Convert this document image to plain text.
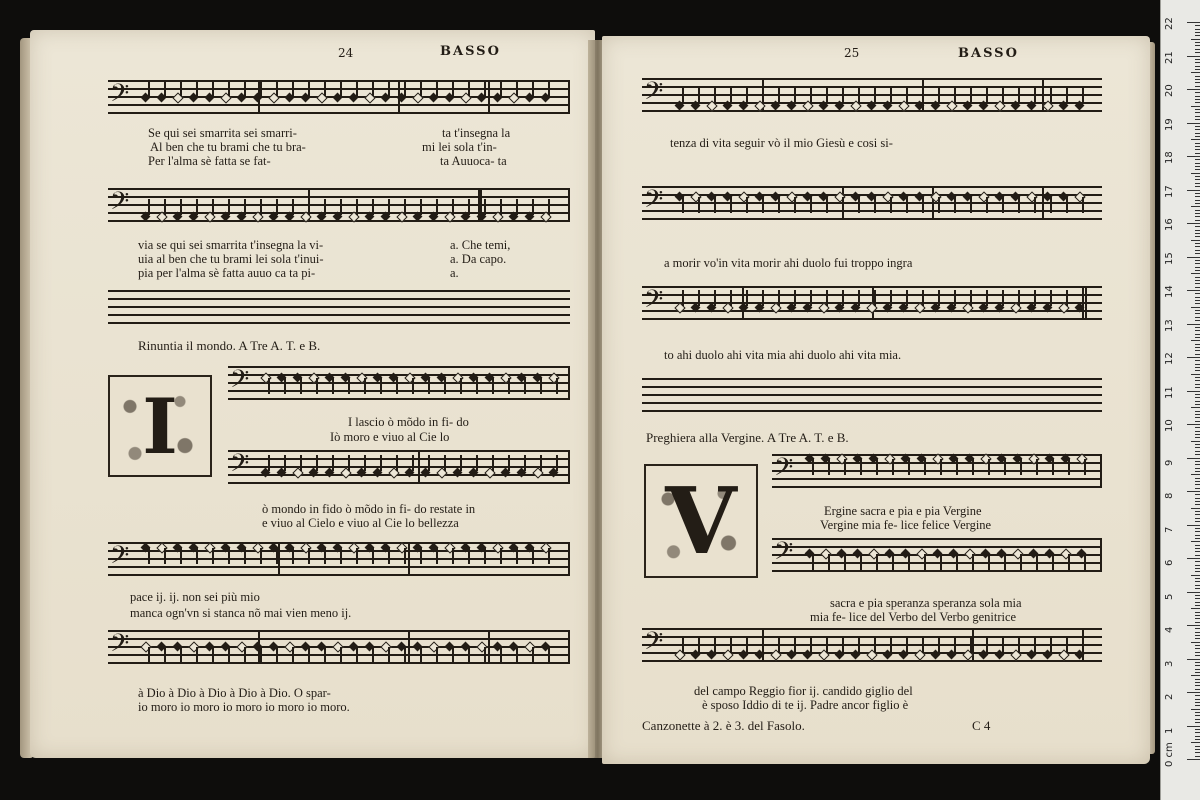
24	BASSO
𝄢
Se qui sei smarrita sei smarri-	ta t'insegna la
Al ben che tu brami che tu bra-	mi lei sola t'in-
Per l'alma sè fatta se fat-	ta Auuoca- ta
𝄢
via se qui sei smarrita t'insegna la vi-	a. Che temi,
uia al ben che tu brami lei sola t'inui-	a. Da capo.
pia per l'alma sè fatta auuo ca ta pi-	a.
Rinuntia il mondo. A Tre A. T. e B.
I 𝄢
I lascio ò mõdo in fi- do
Iò moro e viuo al Cie lo
𝄢
ò mondo in fido ò mõdo in fi- do restate in
e viuo al Cielo e viuo al Cie lo bellezza
𝄢
pace ij. ij. non sei più mio
manca ogn'vn si stanca nõ mai vien meno ij.
𝄢
à Dio à Dio à Dio à Dio à Dio. O spar-
io moro io moro io moro io moro io moro.
25	BASSO
𝄢
tenza di vita seguir vò il mio Giesù e cosi si-
𝄢
a morir vo'in vita morir ahi duolo fui troppo ingra
𝄢
to ahi duolo ahi vita mia ahi duolo ahi vita mia.
Preghiera alla Vergine. A Tre A. T. e B.
V 𝄢
Ergine sacra e pia e pia Vergine
Vergine mia fe- lice felice Vergine
𝄢
sacra e pia speranza speranza sola mia
mia fe- lice del Verbo del Verbo genitrice
𝄢
del campo Reggio fior ij. candido giglio del
è sposo Iddio di te ij. Padre ancor figlio è
Canzonette à 2. è 3. del Fasolo.	C 4
22
21
20
19
18
17
16
15
14
13
12
11
10
9
8
7
6
5
4
3
2
1
0 cm
